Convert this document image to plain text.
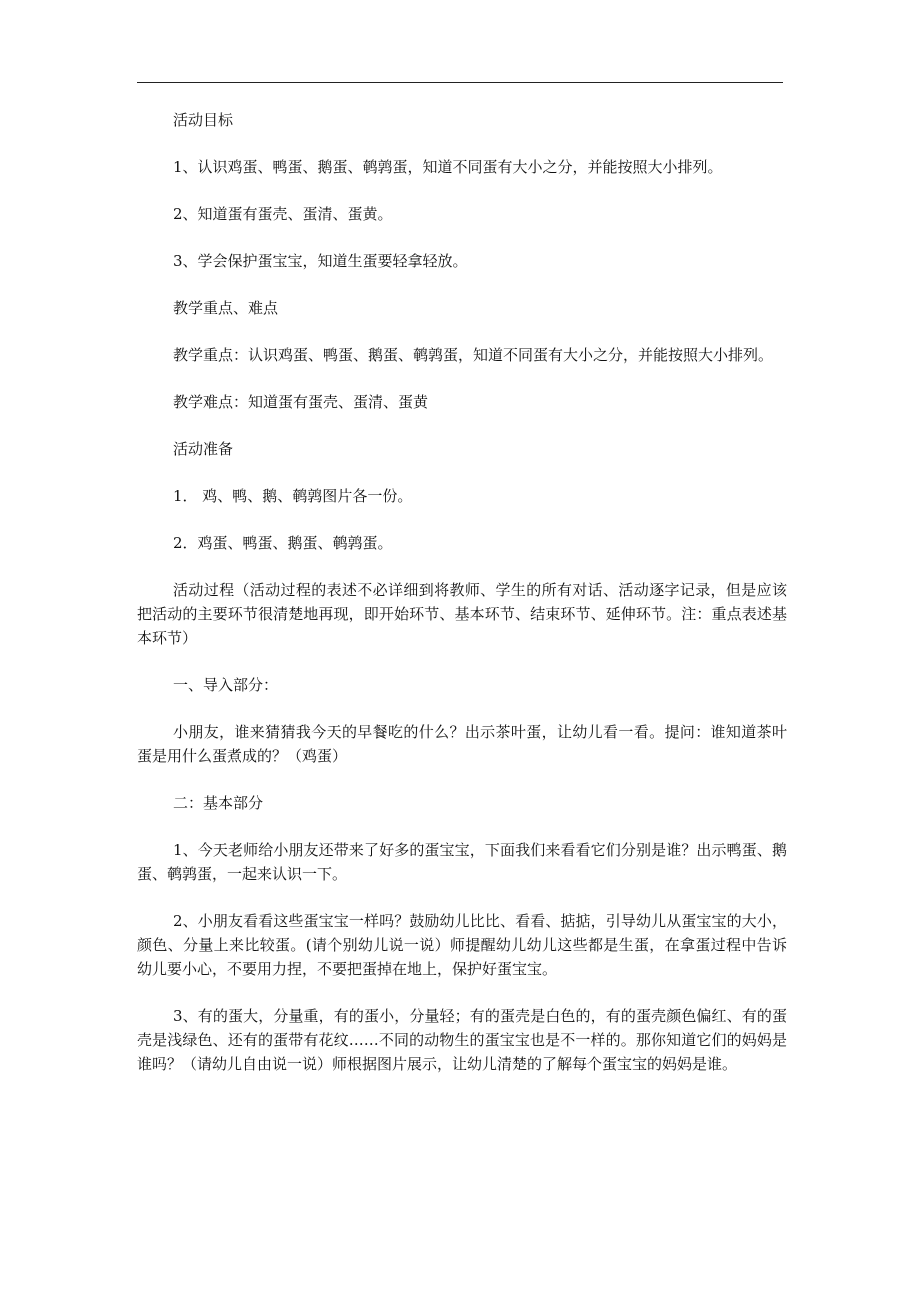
活动目标

1、认识鸡蛋、鸭蛋、鹅蛋、鹌鹑蛋，知道不同蛋有大小之分，并能按照大小排列。

2、知道蛋有蛋壳、蛋清、蛋黄。

3、学会保护蛋宝宝，知道生蛋要轻拿轻放。

教学重点、难点

教学重点：认识鸡蛋、鸭蛋、鹅蛋、鹌鹑蛋，知道不同蛋有大小之分，并能按照大小排列。

教学难点：知道蛋有蛋壳、蛋清、蛋黄

活动准备

1． 鸡、鸭、鹅、鹌鹑图片各一份。

2．鸡蛋、鸭蛋、鹅蛋、鹌鹑蛋。

活动过程（活动过程的表述不必详细到将教师、学生的所有对话、活动逐字记录，但是应该把活动的主要环节很清楚地再现，即开始环节、基本环节、结束环节、延伸环节。注：重点表述基本环节）

一、导入部分：

小朋友，谁来猜猜我今天的早餐吃的什么？出示茶叶蛋，让幼儿看一看。提问：谁知道茶叶蛋是用什么蛋煮成的？（鸡蛋）

二：基本部分

1、今天老师给小朋友还带来了好多的蛋宝宝，下面我们来看看它们分别是谁？出示鸭蛋、鹅蛋、鹌鹑蛋，一起来认识一下。

2、小朋友看看这些蛋宝宝一样吗？鼓励幼儿比比、看看、掂掂，引导幼儿从蛋宝宝的大小，颜色、分量上来比较蛋。(请个别幼儿说一说）师提醒幼儿幼儿这些都是生蛋，在拿蛋过程中告诉幼儿要小心，不要用力捏，不要把蛋掉在地上，保护好蛋宝宝。

3、有的蛋大，分量重，有的蛋小，分量轻；有的蛋壳是白色的，有的蛋壳颜色偏红、有的蛋壳是浅绿色、还有的蛋带有花纹……不同的动物生的蛋宝宝也是不一样的。那你知道它们的妈妈是谁吗？（请幼儿自由说一说）师根据图片展示，让幼儿清楚的了解每个蛋宝宝的妈妈是谁。
